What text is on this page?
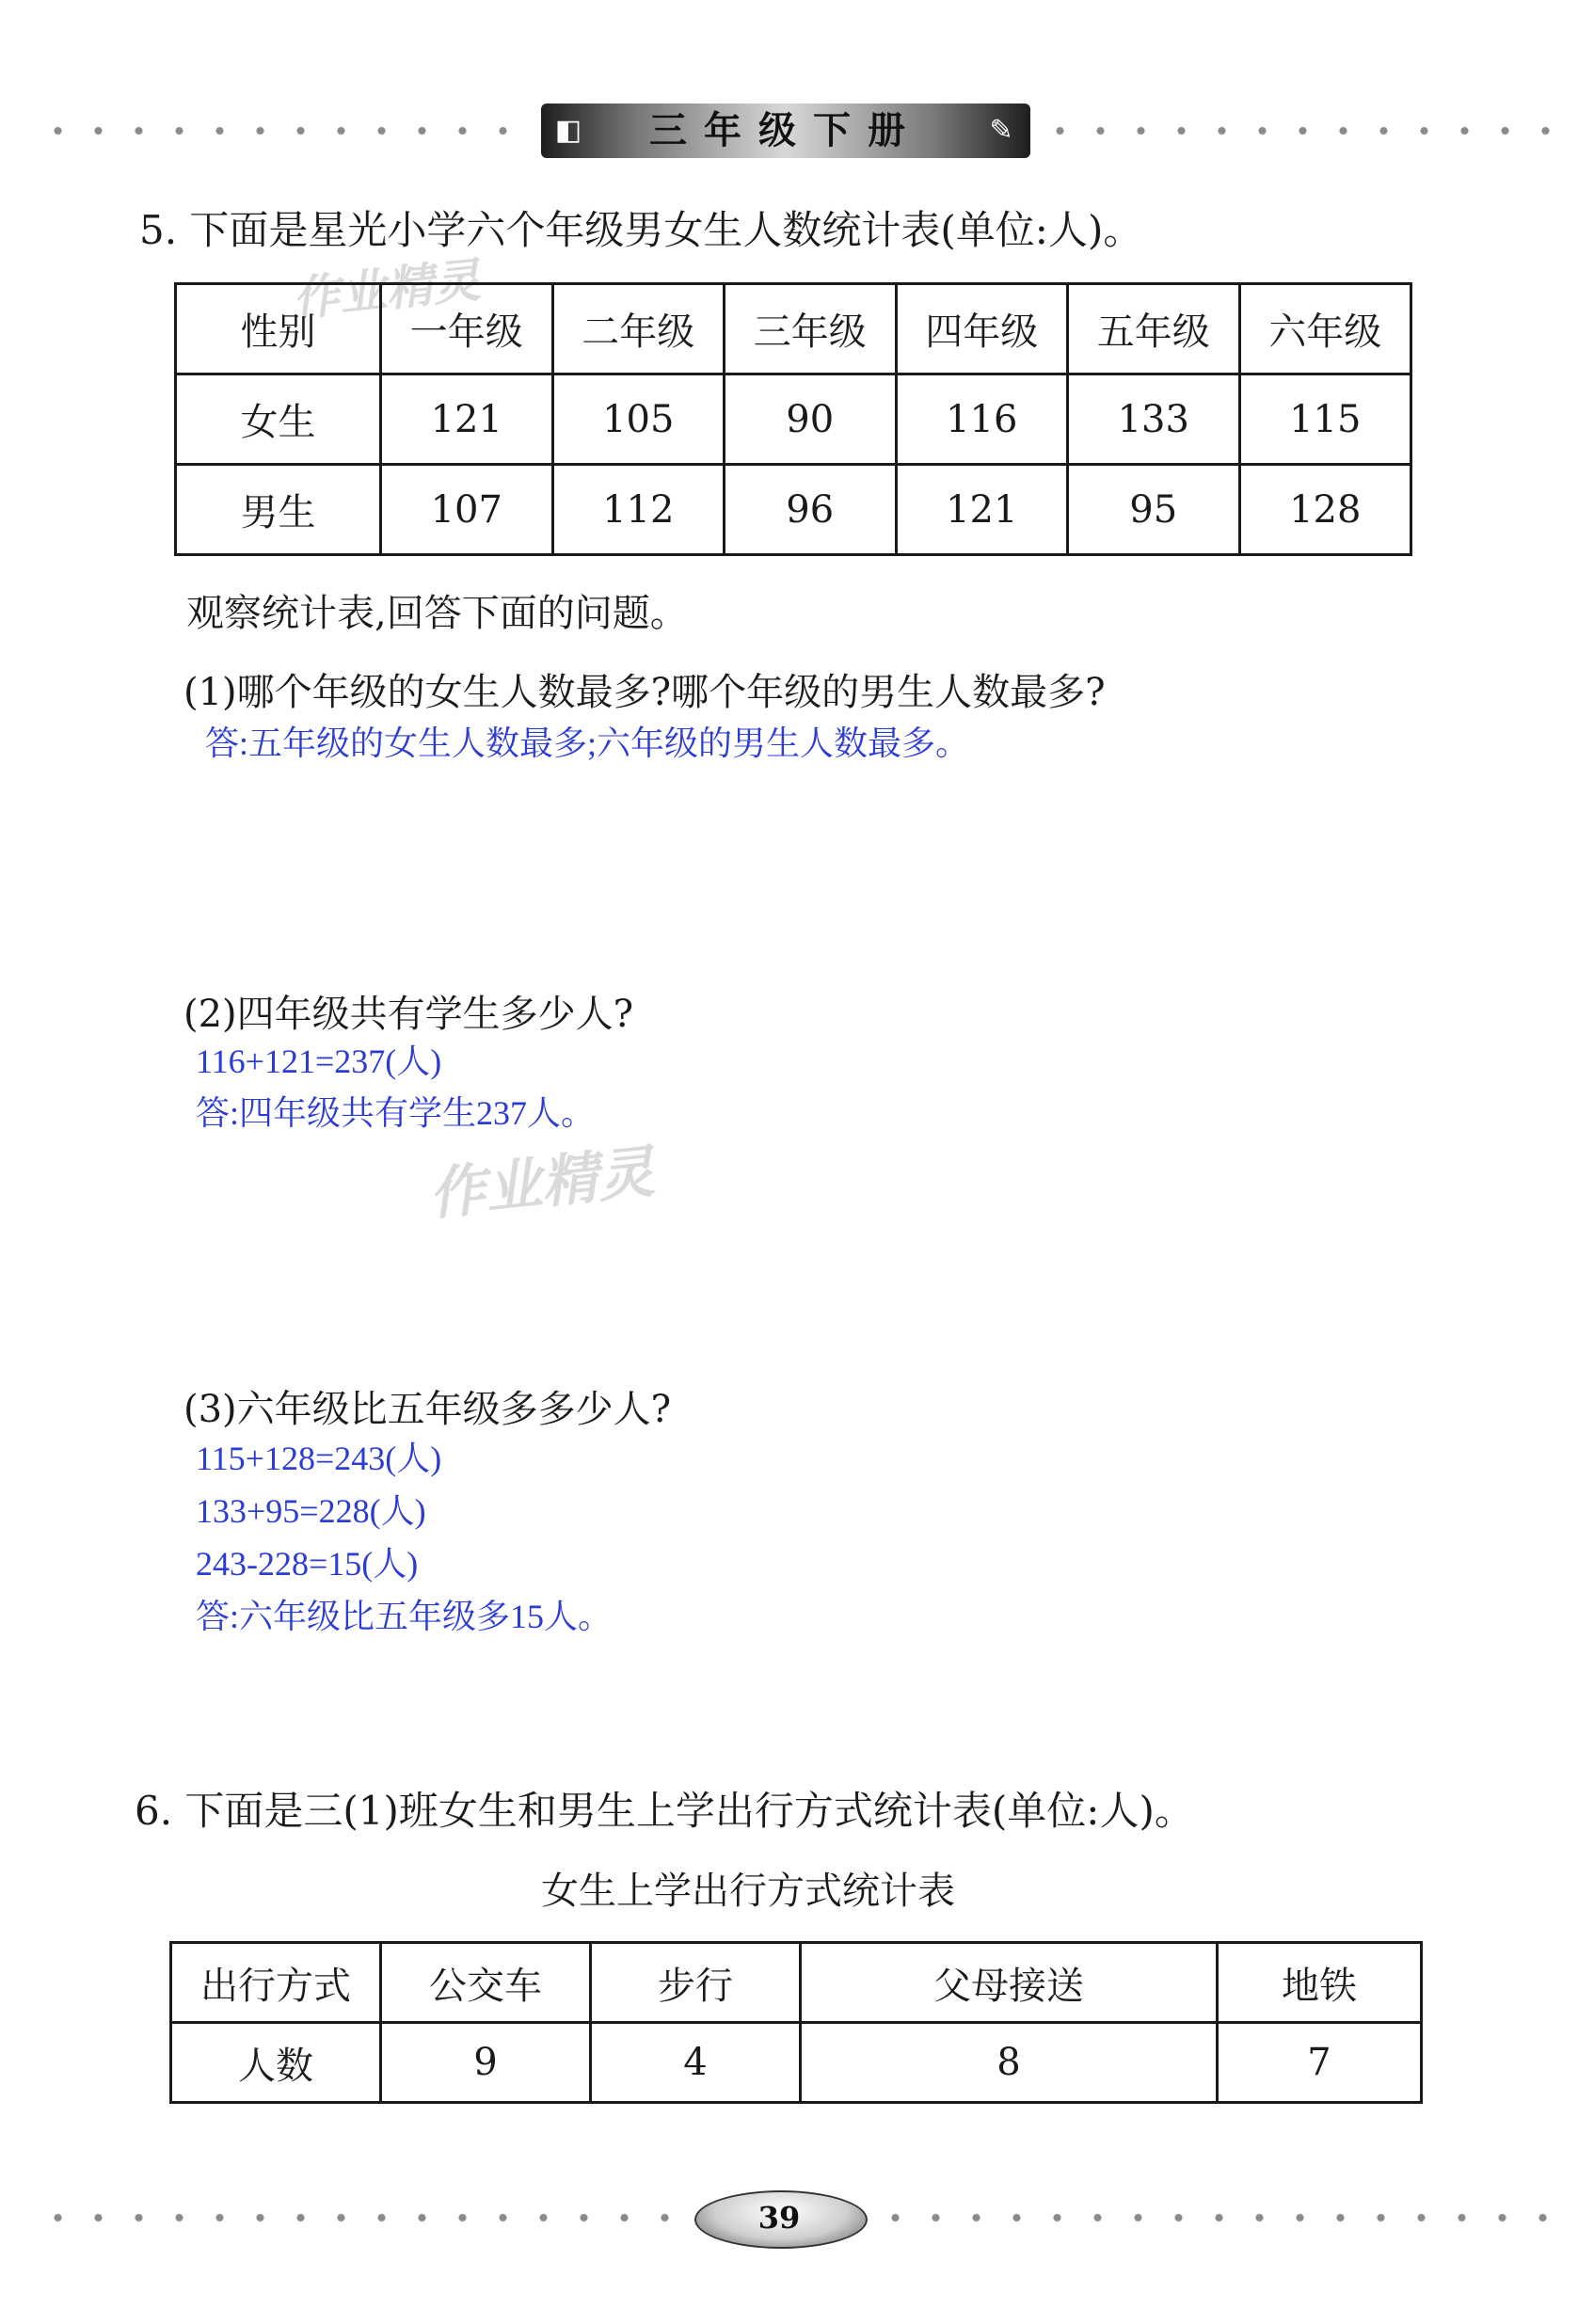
◧	✎
三年级下册
5. 下面是星光小学六个年级男女生人数统计表(单位:人)。
作业精灵
性别	一年级	二年级	三年级	四年级	五年级	六年级
女生	121	105	90	116	133	115
男生	107	112	96	121	95	128
观察统计表,回答下面的问题。
(1)哪个年级的女生人数最多?哪个年级的男生人数最多?
答:五年级的女生人数最多;六年级的男生人数最多。
(2)四年级共有学生多少人?
116+121=237(人)
答:四年级共有学生237人。
作业精灵
(3)六年级比五年级多多少人?
115+128=243(人)
133+95=228(人)
243-228=15(人)
答:六年级比五年级多15人。
6. 下面是三(1)班女生和男生上学出行方式统计表(单位:人)。
女生上学出行方式统计表
出行方式	公交车	步行	父母接送	地铁
人数	9	4	8	7
39
